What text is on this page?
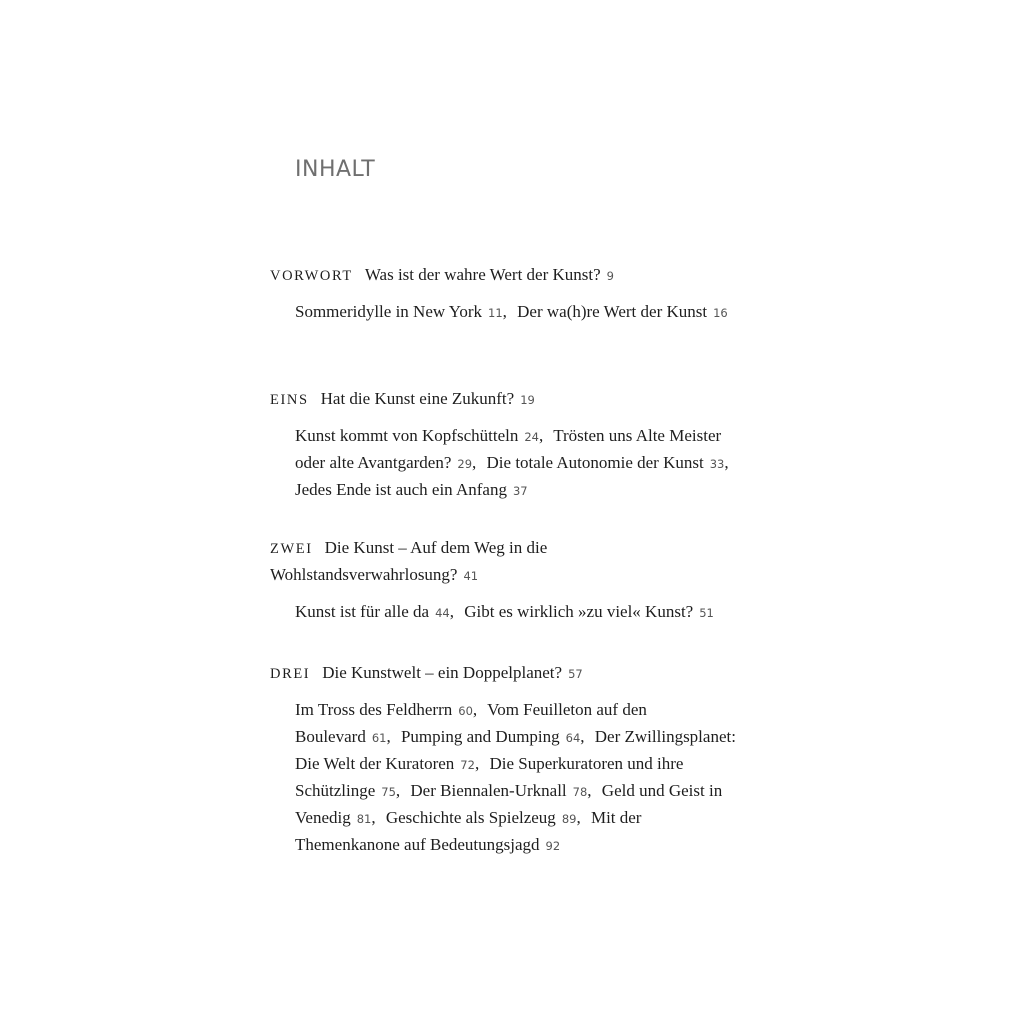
INHALT

VORWORT Was ist der wahre Wert der Kunst? 9

Sommeridylle in New York 11, Der wa(h)re Wert der Kunst 16

EINS Hat die Kunst eine Zukunft? 19

Kunst kommt von Kopfschütteln 24, Trösten uns Alte Meister oder alte Avantgarden? 29, Die totale Autonomie der Kunst 33, Jedes Ende ist auch ein Anfang 37

ZWEI Die Kunst – Auf dem Weg in die Wohlstandsverwahrlosung? 41

Kunst ist für alle da 44, Gibt es wirklich »zu viel« Kunst? 51

DREI Die Kunstwelt – ein Doppelplanet? 57

Im Tross des Feldherrn 60, Vom Feuilleton auf den Boulevard 61, Pumping and Dumping 64, Der Zwillingsplanet: Die Welt der Kuratoren 72, Die Superkuratoren und ihre Schützlinge 75, Der Biennalen-Urknall 78, Geld und Geist in Venedig 81, Geschichte als Spielzeug 89, Mit der Themenkanone auf Bedeutungsjagd 92
